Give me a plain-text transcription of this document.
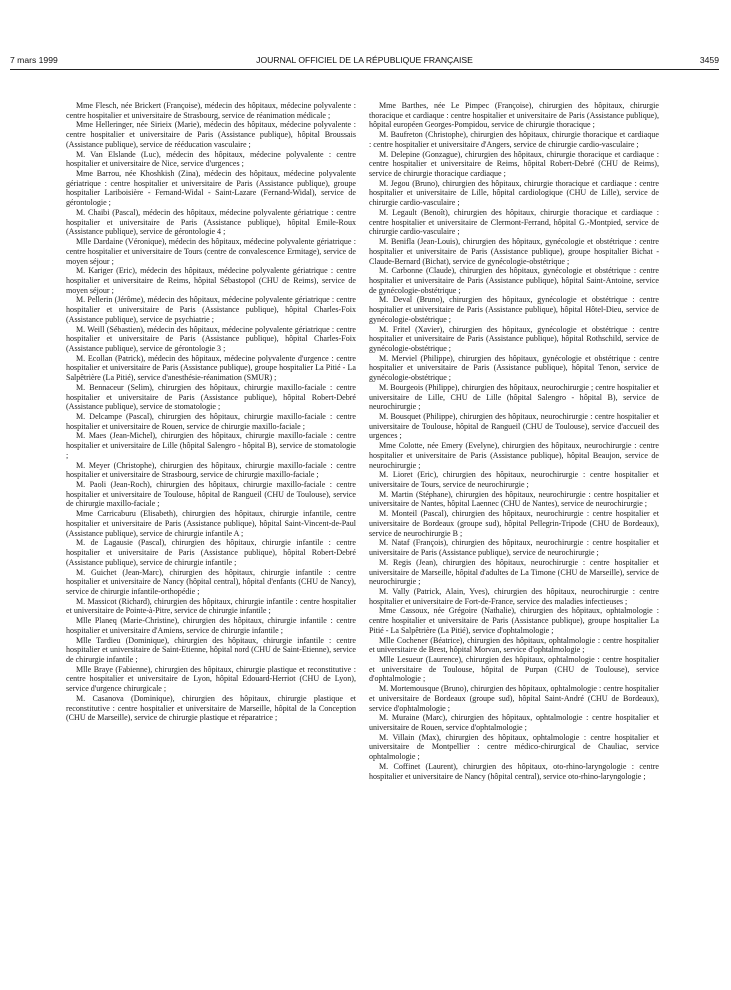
7 mars 1999	JOURNAL OFFICIEL DE LA RÉPUBLIQUE FRANÇAISE	3459

Mme Flesch, née Brickert (Françoise), médecin des hôpitaux, médecine polyvalente : centre hospitalier et universitaire de Strasbourg, service de réanimation médicale ;

Mme Helleringer, née Sirieix (Marie), médecin des hôpitaux, médecine polyvalente : centre hospitalier et universitaire de Paris (Assistance publique), hôpital Broussais (Assistance publique), service de rééducation vasculaire ;

M. Van Elslande (Luc), médecin des hôpitaux, médecine polyvalente : centre hospitalier et universitaire de Nice, service d'urgences ;

Mme Barrou, née Khoshkish (Zina), médecin des hôpitaux, médecine polyvalente gériatrique : centre hospitalier et universitaire de Paris (Assistance publique), groupe hospitalier Lariboisière - Fernand-Widal - Saint-Lazare (Fernand-Widal), service de gérontologie ;

M. Chaibi (Pascal), médecin des hôpitaux, médecine polyvalente gériatrique : centre hospitalier et universitaire de Paris (Assistance publique), hôpital Emile-Roux (Assistance publique), service de gérontologie 4 ;

Mlle Dardaine (Véronique), médecin des hôpitaux, médecine polyvalente gériatrique : centre hospitalier et universitaire de Tours (centre de convalescence Ermitage), service de moyen séjour ;

M. Kariger (Eric), médecin des hôpitaux, médecine polyvalente gériatrique : centre hospitalier et universitaire de Reims, hôpital Sébastopol (CHU de Reims), service de moyen séjour ;

M. Pellerin (Jérôme), médecin des hôpitaux, médecine polyvalente gériatrique : centre hospitalier et universitaire de Paris (Assistance publique), hôpital Charles-Foix (Assistance publique), service de psychiatrie ;

M. Weill (Sébastien), médecin des hôpitaux, médecine polyvalente gériatrique : centre hospitalier et universitaire de Paris (Assistance publique), hôpital Charles-Foix (Assistance publique), service de gérontologie 3 ;

M. Ecollan (Patrick), médecin des hôpitaux, médecine polyvalente d'urgence : centre hospitalier et universitaire de Paris (Assistance publique), groupe hospitalier La Pitié - La Salpêtrière (La Pitié), service d'anesthésie-réanimation (SMUR) ;

M. Bennaceur (Selim), chirurgien des hôpitaux, chirurgie maxillo-faciale : centre hospitalier et universitaire de Paris (Assistance publique), hôpital Robert-Debré (Assistance publique), service de stomatologie ;

M. Delcampe (Pascal), chirurgien des hôpitaux, chirurgie maxillo-faciale : centre hospitalier et universitaire de Rouen, service de chirurgie maxillo-faciale ;

M. Maes (Jean-Michel), chirurgien des hôpitaux, chirurgie maxillo-faciale : centre hospitalier et universitaire de Lille (hôpital Salengro - hôpital B), service de stomatologie ;

M. Meyer (Christophe), chirurgien des hôpitaux, chirurgie maxillo-faciale : centre hospitalier et universitaire de Strasbourg, service de chirurgie maxillo-faciale ;

M. Paoli (Jean-Roch), chirurgien des hôpitaux, chirurgie maxillo-faciale : centre hospitalier et universitaire de Toulouse, hôpital de Rangueil (CHU de Toulouse), service de chirurgie maxillo-faciale ;

Mme Carricaburu (Elisabeth), chirurgien des hôpitaux, chirurgie infantile, centre hospitalier et universitaire de Paris (Assistance publique), hôpital Saint-Vincent-de-Paul (Assistance publique), service de chirurgie infantile A ;

M. de Lagausie (Pascal), chirurgien des hôpitaux, chirurgie infantile : centre hospitalier et universitaire de Paris (Assistance publique), hôpital Robert-Debré (Assistance publique), service de chirurgie infantile ;

M. Guichet (Jean-Marc), chirurgien des hôpitaux, chirurgie infantile : centre hospitalier et universitaire de Nancy (hôpital central), hôpital d'enfants (CHU de Nancy), service de chirurgie infantile-orthopédie ;

M. Massicot (Richard), chirurgien des hôpitaux, chirurgie infantile : centre hospitalier et universitaire de Pointe-à-Pitre, service de chirurgie infantile ;

Mlle Planeq (Marie-Christine), chirurgien des hôpitaux, chirurgie infantile : centre hospitalier et universitaire d'Amiens, service de chirurgie infantile ;

Mlle Tardieu (Dominique), chirurgien des hôpitaux, chirurgie infantile : centre hospitalier et universitaire de Saint-Etienne, hôpital nord (CHU de Saint-Etienne), service de chirurgie infantile ;

Mlle Braye (Fabienne), chirurgien des hôpitaux, chirurgie plastique et reconstitutive : centre hospitalier et universitaire de Lyon, hôpital Edouard-Herriot (CHU de Lyon), service d'urgence chirurgicale ;

M. Casanova (Dominique), chirurgien des hôpitaux, chirurgie plastique et reconstitutive : centre hospitalier et universitaire de Marseille, hôpital de la Conception (CHU de Marseille), service de chirurgie plastique et réparatrice ;

Mme Barthes, née Le Pimpec (Françoise), chirurgien des hôpitaux, chirurgie thoracique et cardiaque : centre hospitalier et universitaire de Paris (Assistance publique), hôpital européen Georges-Pompidou, service de chirurgie thoracique ;

M. Baufreton (Christophe), chirurgien des hôpitaux, chirurgie thoracique et cardiaque : centre hospitalier et universitaire d'Angers, service de chirurgie cardio-vasculaire ;

M. Delepine (Gonzague), chirurgien des hôpitaux, chirurgie thoracique et cardiaque : centre hospitalier et universitaire de Reims, hôpital Robert-Debré (CHU de Reims), service de chirurgie thoracique cardiaque ;

M. Jegou (Bruno), chirurgien des hôpitaux, chirurgie thoracique et cardiaque : centre hospitalier et universitaire de Lille, hôpital cardiologique (CHU de Lille), service de chirurgie cardio-vasculaire ;

M. Legault (Benoît), chirurgien des hôpitaux, chirurgie thoracique et cardiaque : centre hospitalier et universitaire de Clermont-Ferrand, hôpital G.-Montpied, service de chirurgie cardio-vasculaire ;

M. Benifla (Jean-Louis), chirurgien des hôpitaux, gynécologie et obstétrique : centre hospitalier et universitaire de Paris (Assistance publique), groupe hospitalier Bichat - Claude-Bernard (Bichat), service de gynécologie-obstétrique ;

M. Carbonne (Claude), chirurgien des hôpitaux, gynécologie et obstétrique : centre hospitalier et universitaire de Paris (Assistance publique), hôpital Saint-Antoine, service de gynécologie-obstétrique ;

M. Deval (Bruno), chirurgien des hôpitaux, gynécologie et obstétrique : centre hospitalier et universitaire de Paris (Assistance publique), hôpital Hôtel-Dieu, service de gynécologie-obstétrique ;

M. Fritel (Xavier), chirurgien des hôpitaux, gynécologie et obstétrique : centre hospitalier et universitaire de Paris (Assistance publique), hôpital Rothschild, service de gynécologie-obstétrique ;

M. Merviel (Philippe), chirurgien des hôpitaux, gynécologie et obstétrique : centre hospitalier et universitaire de Paris (Assistance publique), hôpital Tenon, service de gynécologie-obstétrique ;

M. Bourgeois (Philippe), chirurgien des hôpitaux, neurochirurgie ; centre hospitalier et universitaire de Lille, CHU de Lille (hôpital Salengro - hôpital B), service de neurochirurgie ;

M. Bousquet (Philippe), chirurgien des hôpitaux, neurochirurgie : centre hospitalier et universitaire de Toulouse, hôpital de Rangueil (CHU de Toulouse), service d'accueil des urgences ;

Mme Colotte, née Emery (Evelyne), chirurgien des hôpitaux, neurochirurgie : centre hospitalier et universitaire de Paris (Assistance publique), hôpital Beaujon, service de neurochirurgie ;

M. Lioret (Eric), chirurgien des hôpitaux, neurochirurgie : centre hospitalier et universitaire de Tours, service de neurochirurgie ;

M. Martin (Stéphane), chirurgien des hôpitaux, neurochirurgie : centre hospitalier et universitaire de Nantes, hôpital Laennec (CHU de Nantes), service de neurochirurgie ;

M. Monteil (Pascal), chirurgien des hôpitaux, neurochirurgie : centre hospitalier et universitaire de Bordeaux (groupe sud), hôpital Pellegrin-Tripode (CHU de Bordeaux), service de neurochirurgie B ;

M. Nataf (François), chirurgien des hôpitaux, neurochirurgie : centre hospitalier et universitaire de Paris (Assistance publique), service de neurochirurgie ;

M. Regis (Jean), chirurgien des hôpitaux, neurochirurgie : centre hospitalier et universitaire de Marseille, hôpital d'adultes de La Timone (CHU de Marseille), service de neurochirurgie ;

M. Vally (Patrick, Alain, Yves), chirurgien des hôpitaux, neurochirurgie : centre hospitalier et universitaire de Fort-de-France, service des maladies infectieuses ;

Mme Cassoux, née Grégoire (Nathalie), chirurgien des hôpitaux, ophtalmologie : centre hospitalier et universitaire de Paris (Assistance publique), groupe hospitalier La Pitié - La Salpêtrière (La Pitié), service d'ophtalmologie ;

Mlle Cochener (Béatrice), chirurgien des hôpitaux, ophtalmologie : centre hospitalier et universitaire de Brest, hôpital Morvan, service d'ophtalmologie ;

Mlle Lesueur (Laurence), chirurgien des hôpitaux, ophtalmologie : centre hospitalier et universitaire de Toulouse, hôpital de Purpan (CHU de Toulouse), service d'ophtalmologie ;

M. Mortemousque (Bruno), chirurgien des hôpitaux, ophtalmologie : centre hospitalier et universitaire de Bordeaux (groupe sud), hôpital Saint-André (CHU de Bordeaux), service d'ophtalmologie ;

M. Muraine (Marc), chirurgien des hôpitaux, ophtalmologie : centre hospitalier et universitaire de Rouen, service d'ophtalmologie ;

M. Villain (Max), chirurgien des hôpitaux, ophtalmologie : centre hospitalier et universitaire de Montpellier : centre médico-chirurgical de Chauliac, service ophtalmologie ;

M. Coffinet (Laurent), chirurgien des hôpitaux, oto-rhino-laryngologie : centre hospitalier et universitaire de Nancy (hôpital central), service oto-rhino-laryngologie ;
